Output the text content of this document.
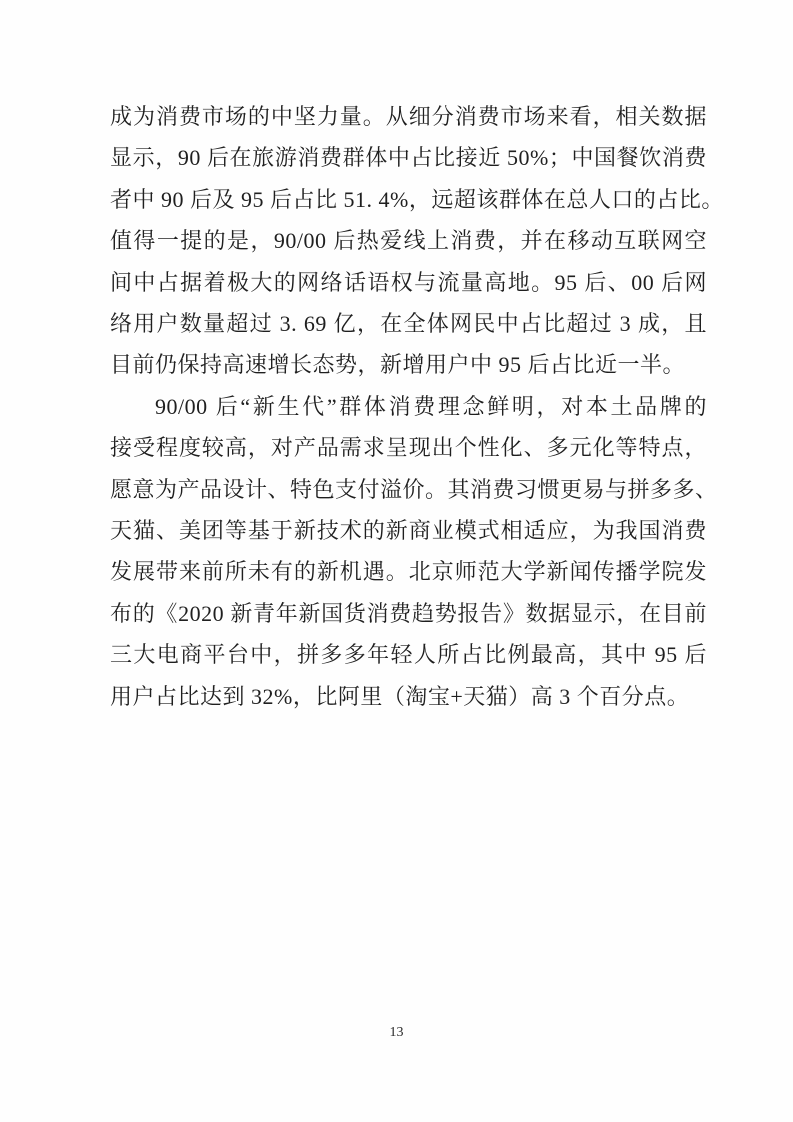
成为消费市场的中坚力量。从细分消费市场来看，相关数据
显示，90 后在旅游消费群体中占比接近 50%；中国餐饮消费
者中 90 后及 95 后占比 51. 4%，远超该群体在总人口的占比。
值得一提的是，90/00 后热爱线上消费，并在移动互联网空
间中占据着极大的网络话语权与流量高地。95 后、00 后网
络用户数量超过 3. 69 亿，在全体网民中占比超过 3 成，且
目前仍保持高速增长态势，新增用户中 95 后占比近一半。
90/00 后“新生代”群体消费理念鲜明，对本土品牌的
接受程度较高，对产品需求呈现出个性化、多元化等特点，
愿意为产品设计、特色支付溢价。其消费习惯更易与拼多多、
天猫、美团等基于新技术的新商业模式相适应，为我国消费
发展带来前所未有的新机遇。北京师范大学新闻传播学院发
布的《2020 新青年新国货消费趋势报告》数据显示，在目前
三大电商平台中，拼多多年轻人所占比例最高，其中 95 后
用户占比达到 32%，比阿里（淘宝+天猫）高 3 个百分点。
13
